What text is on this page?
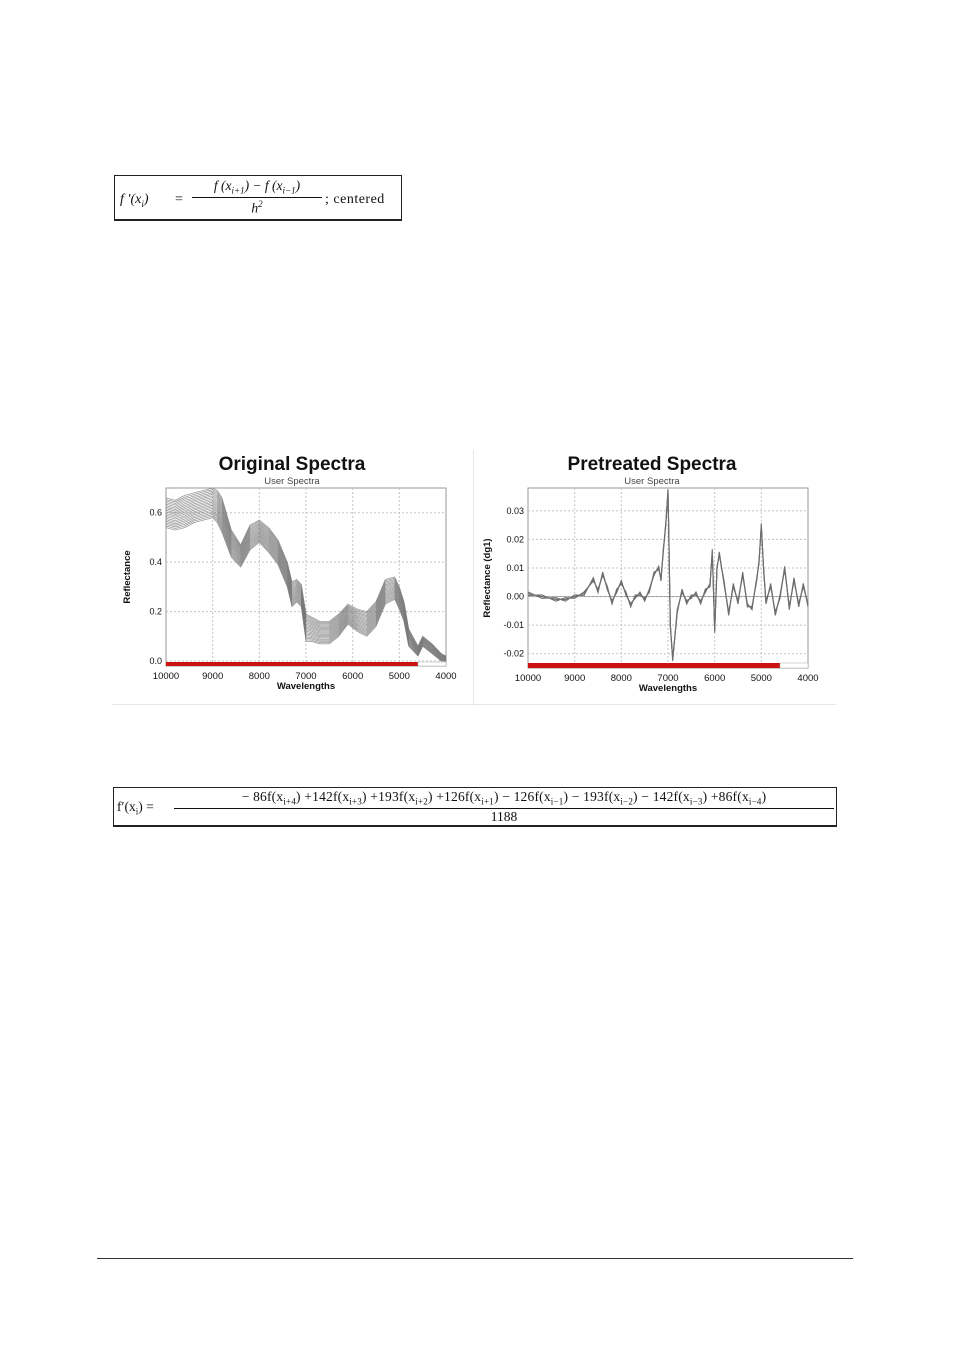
f $'(x_i)$ =
f $(x_{i+1}) - f$ $(x_{i-1})$
$h^2$	; centered
Original Spectra
User Spectra
10000 9000	8000	7000	6000	5000	4000
0.0
0.2
0.4
0.6
Wavelengths
Reflectance
Pretreated Spectra
User Spectra
10000 9000	8000	7000	6000	5000	4000
-0.02
-0.01
0.00
0.01
0.02
0.03
Wavelengths
Reflectance (dg1)
$f'(x_i)$ =
− $86f(x_{i+4}) +142f(x_{i+3}) +193f(x_{i+2}) +126f(x_{i+1}) - 126f(x_{i-1}) - 193f(x_{i-2}) - 142f(x_{i-3}) +86f(x_{i-4})$
1188
